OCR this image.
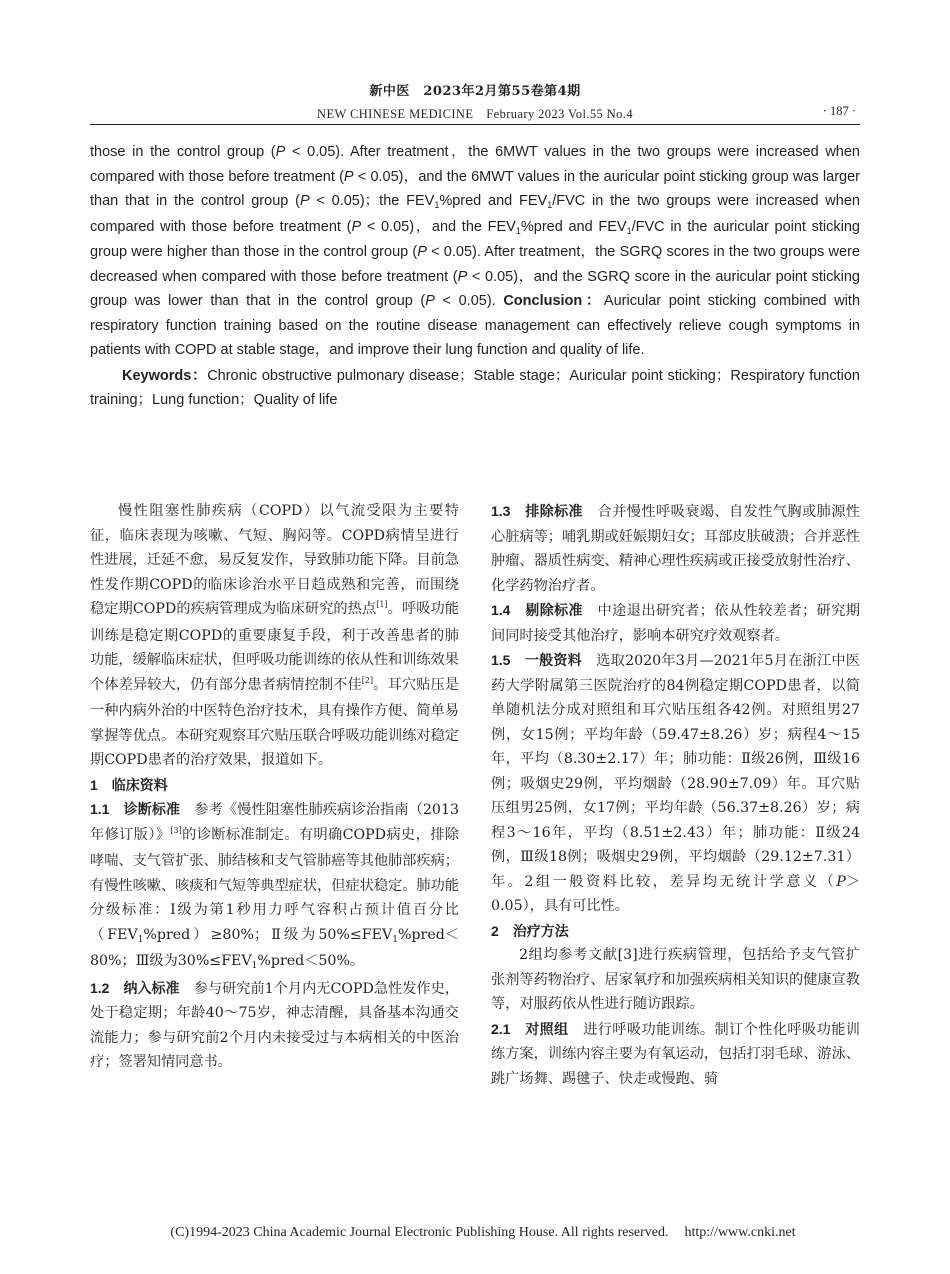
新中医　2023年2月第55卷第4期
NEW CHINESE MEDICINE　February 2023 Vol.55 No.4	· 187 ·

those in the control group (P < 0.05). After treatment，the 6MWT values in the two groups were increased when compared with those before treatment (P < 0.05)，and the 6MWT values in the auricular point sticking group was larger than that in the control group (P < 0.05)；the $FEV_1\%pred$ and $FEV_1$/FVC in the two groups were increased when compared with those before treatment (P < 0.05)，and the $FEV_1\%pred$ and $FEV_1$/FVC in the auricular point sticking group were higher than those in the control group (P < 0.05). After treatment，the SGRQ scores in the two groups were decreased when compared with those before treatment (P < 0.05)，and the SGRQ score in the auricular point sticking group was lower than that in the control group (P < 0.05). Conclusion：Auricular point sticking combined with respiratory function training based on the routine disease management can effectively relieve cough symptoms in patients with COPD at stable stage，and improve their lung function and quality of life.

Keywords：Chronic obstructive pulmonary disease；Stable stage；Auricular point sticking；Respiratory function training；Lung function；Quality of life

慢性阻塞性肺疾病（COPD）以气流受限为主要特征，临床表现为咳嗽、气短、胸闷等。COPD病情呈进行性进展，迁延不愈，易反复发作，导致肺功能下降。目前急性发作期COPD的临床诊治水平日趋成熟和完善，而围绕稳定期COPD的疾病管理成为临床研究的热点[1]。呼吸功能训练是稳定期COPD的重要康复手段，利于改善患者的肺功能，缓解临床症状，但呼吸功能训练的依从性和训练效果个体差异较大，仍有部分患者病情控制不佳[2]。耳穴贴压是一种内病外治的中医特色治疗技术，具有操作方便、简单易掌握等优点。本研究观察耳穴贴压联合呼吸功能训练对稳定期COPD患者的治疗效果，报道如下。

1　临床资料

1.1　诊断标准　参考《慢性阻塞性肺疾病诊治指南（2013年修订版）》[3]的诊断标准制定。有明确COPD病史，排除哮喘、支气管扩张、肺结核和支气管肺癌等其他肺部疾病；有慢性咳嗽、咳痰和气短等典型症状，但症状稳定。肺功能分级标准：Ⅰ级为第1秒用力呼气容积占预计值百分比$(FEV_1\%pred)\ge 80\%$；Ⅱ级为$50\%\le FEV_1\%pred<80\%$；Ⅲ级为$30\%\le FEV_1\%pred<50\%$。

1.2　纳入标准　参与研究前1个月内无COPD急性发作史，处于稳定期；年龄40～75岁，神志清醒，具备基本沟通交流能力；参与研究前2个月内未接受过与本病相关的中医治疗；签署知情同意书。

1.3　排除标准　合并慢性呼吸衰竭、自发性气胸或肺源性心脏病等；哺乳期或妊娠期妇女；耳部皮肤破溃；合并恶性肿瘤、器质性病变、精神心理性疾病或正接受放射性治疗、化学药物治疗者。

1.4　剔除标准　中途退出研究者；依从性较差者；研究期间同时接受其他治疗，影响本研究疗效观察者。

1.5　一般资料　选取2020年3月—2021年5月在浙江中医药大学附属第三医院治疗的84例稳定期COPD患者，以简单随机法分成对照组和耳穴贴压组各42例。对照组男27例，女15例；平均年龄（59.47±8.26）岁；病程4～15年，平均（8.30±2.17）年；肺功能：Ⅱ级26例，Ⅲ级16例；吸烟史29例，平均烟龄（28.90±7.09）年。耳穴贴压组男25例，女17例；平均年龄（56.37±8.26）岁；病程3～16年，平均（8.51±2.43）年；肺功能：Ⅱ级24例，Ⅲ级18例；吸烟史29例，平均烟龄（29.12±7.31）年。2组一般资料比较，差异均无统计学意义（P＞0.05），具有可比性。

2　治疗方法

2组均参考文献[3]进行疾病管理，包括给予支气管扩张剂等药物治疗、居家氧疗和加强疾病相关知识的健康宣教等，对服药依从性进行随访跟踪。

2.1　对照组　进行呼吸功能训练。制订个性化呼吸功能训练方案，训练内容主要为有氧运动，包括打羽毛球、游泳、跳广场舞、踢毽子、快走或慢跑、骑

(C)1994-2023 China Academic Journal Electronic Publishing House. All rights reserved. http://www.cnki.net
